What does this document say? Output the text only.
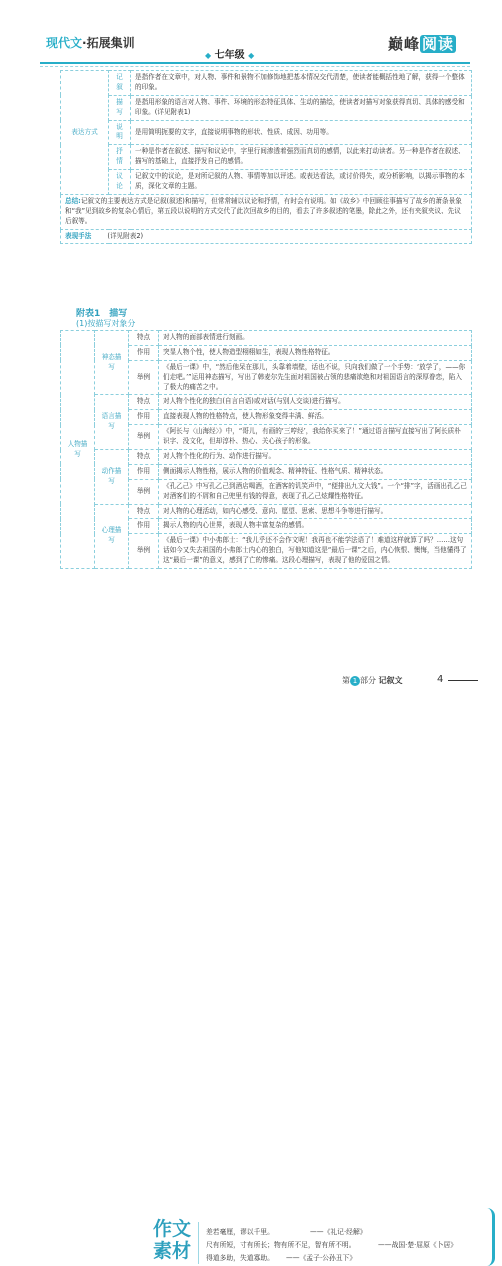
现代文·拓展集训
◆ 七年级 ◆
巅峰 阅读
表达方式	记叙	是指作者在文章中，对人物、事件和景物不加修饰地把基本情况交代清楚，使读者能概括性地了解，获得一个整体的印象。
	描写	是指用形象的语言对人物、事件、环境的形态特征具体、生动的描绘，使读者对描写对象获得真切、具体的感受和印象。(详见附表1)
	说明	是用简明扼要的文字，直接说明事物的形状、性质、成因、功用等。
	抒情	一种是作者在叙述、描写和议论中，字里行间渗透着强烈而真切的感情，以此来打动读者。另一种是作者在叙述、描写的基础上，直接抒发自己的感情。
	议论	记叙文中的议论，是对所记叙的人物、事情等加以评述。或表达看法，或讨价得失，或分析影响，以揭示事物的本质，深化文章的主题。
总结:记叙文的主要表达方式是记叙(叙述)和描写，但常常辅以议论和抒情，有时会有说明。如《故乡》中回顾往事描写了故乡的萧条景象和“我”见到故乡的复杂心情后，第五段以说明的方式交代了此次回故乡的目的，看去了许多叙述的笔墨，除此之外，还有夹叙夹议、先议后叙等。		
表现手法 (详见附表2)		
附表1　描写
(1)按描写对象分
人物描写	神态描写	特点	对人物的面部表情进行刻画。
		作用	突显人物个性，使人物造型栩栩如生，表现人物性格特征。
		举例	《最后一课》中，“然后他呆在那儿，头靠着墙壁，话也不说，只向我们做了一个手势：‘放学了，——你们走吧。’”运用神态描写，写出了韩麦尔先生面对祖国被占领的悲痛欲绝和对祖国语言的深厚眷恋，陷入了极大的痛苦之中。
	语言描写	特点	对人物个性化的独白(自言自语)或对话(与别人交谈)进行描写。
		作用	直接表现人物的性格特点，使人物形象变得丰满、鲜活。
		举例	《阿长与〈山海经〉》中，“哥儿，有画的‘三哼经’，我给你买来了！”通过语言描写直接写出了阿长质朴识字、没文化，但却淳朴、热心、关心孩子的形象。
	动作描写	特点	对人物个性化的行为、动作进行描写。
		作用	侧面揭示人物性格，展示人物的价值观念、精神特征、性格气质、精神状态。
		举例	《孔乙己》中写孔乙己到酒店喝酒，在酒客的讥笑声中，“便排出九文大钱”。一个“排”字，活画出孔乙己对酒客们的不屑和自己兜里有钱的得意，表现了孔乙己炫耀性格特征。
	心理描写	特点	对人物的心理活动，如内心感受、意向、愿望、思索、思想斗争等进行描写。
		作用	揭示人物的内心世界，表现人物丰富复杂的感情。
		举例	《最后一课》中小弗郎士：“我儿乎还不会作文呢！我再也不能学法语了！难道这样就算了吗？……这句话如今又失去祖国的小弗郎士内心的独白，写他知道这是“最后一课”之后，内心恢恨、懊悔，当他懂得了这“最后一课”的意义，感到了亡的惨痛。这段心理描写，表现了他的爱国之情。
作文
素材
差若毫厘，谬以千里。	——《礼记·经解》
尺有所短，寸有所长；物有所不足，智有所不明。	——战国·楚·屈原《卜居》
得道多助，失道寡助。 ——《孟子·公孙丑下》
第 1 部分 记叙文	4
